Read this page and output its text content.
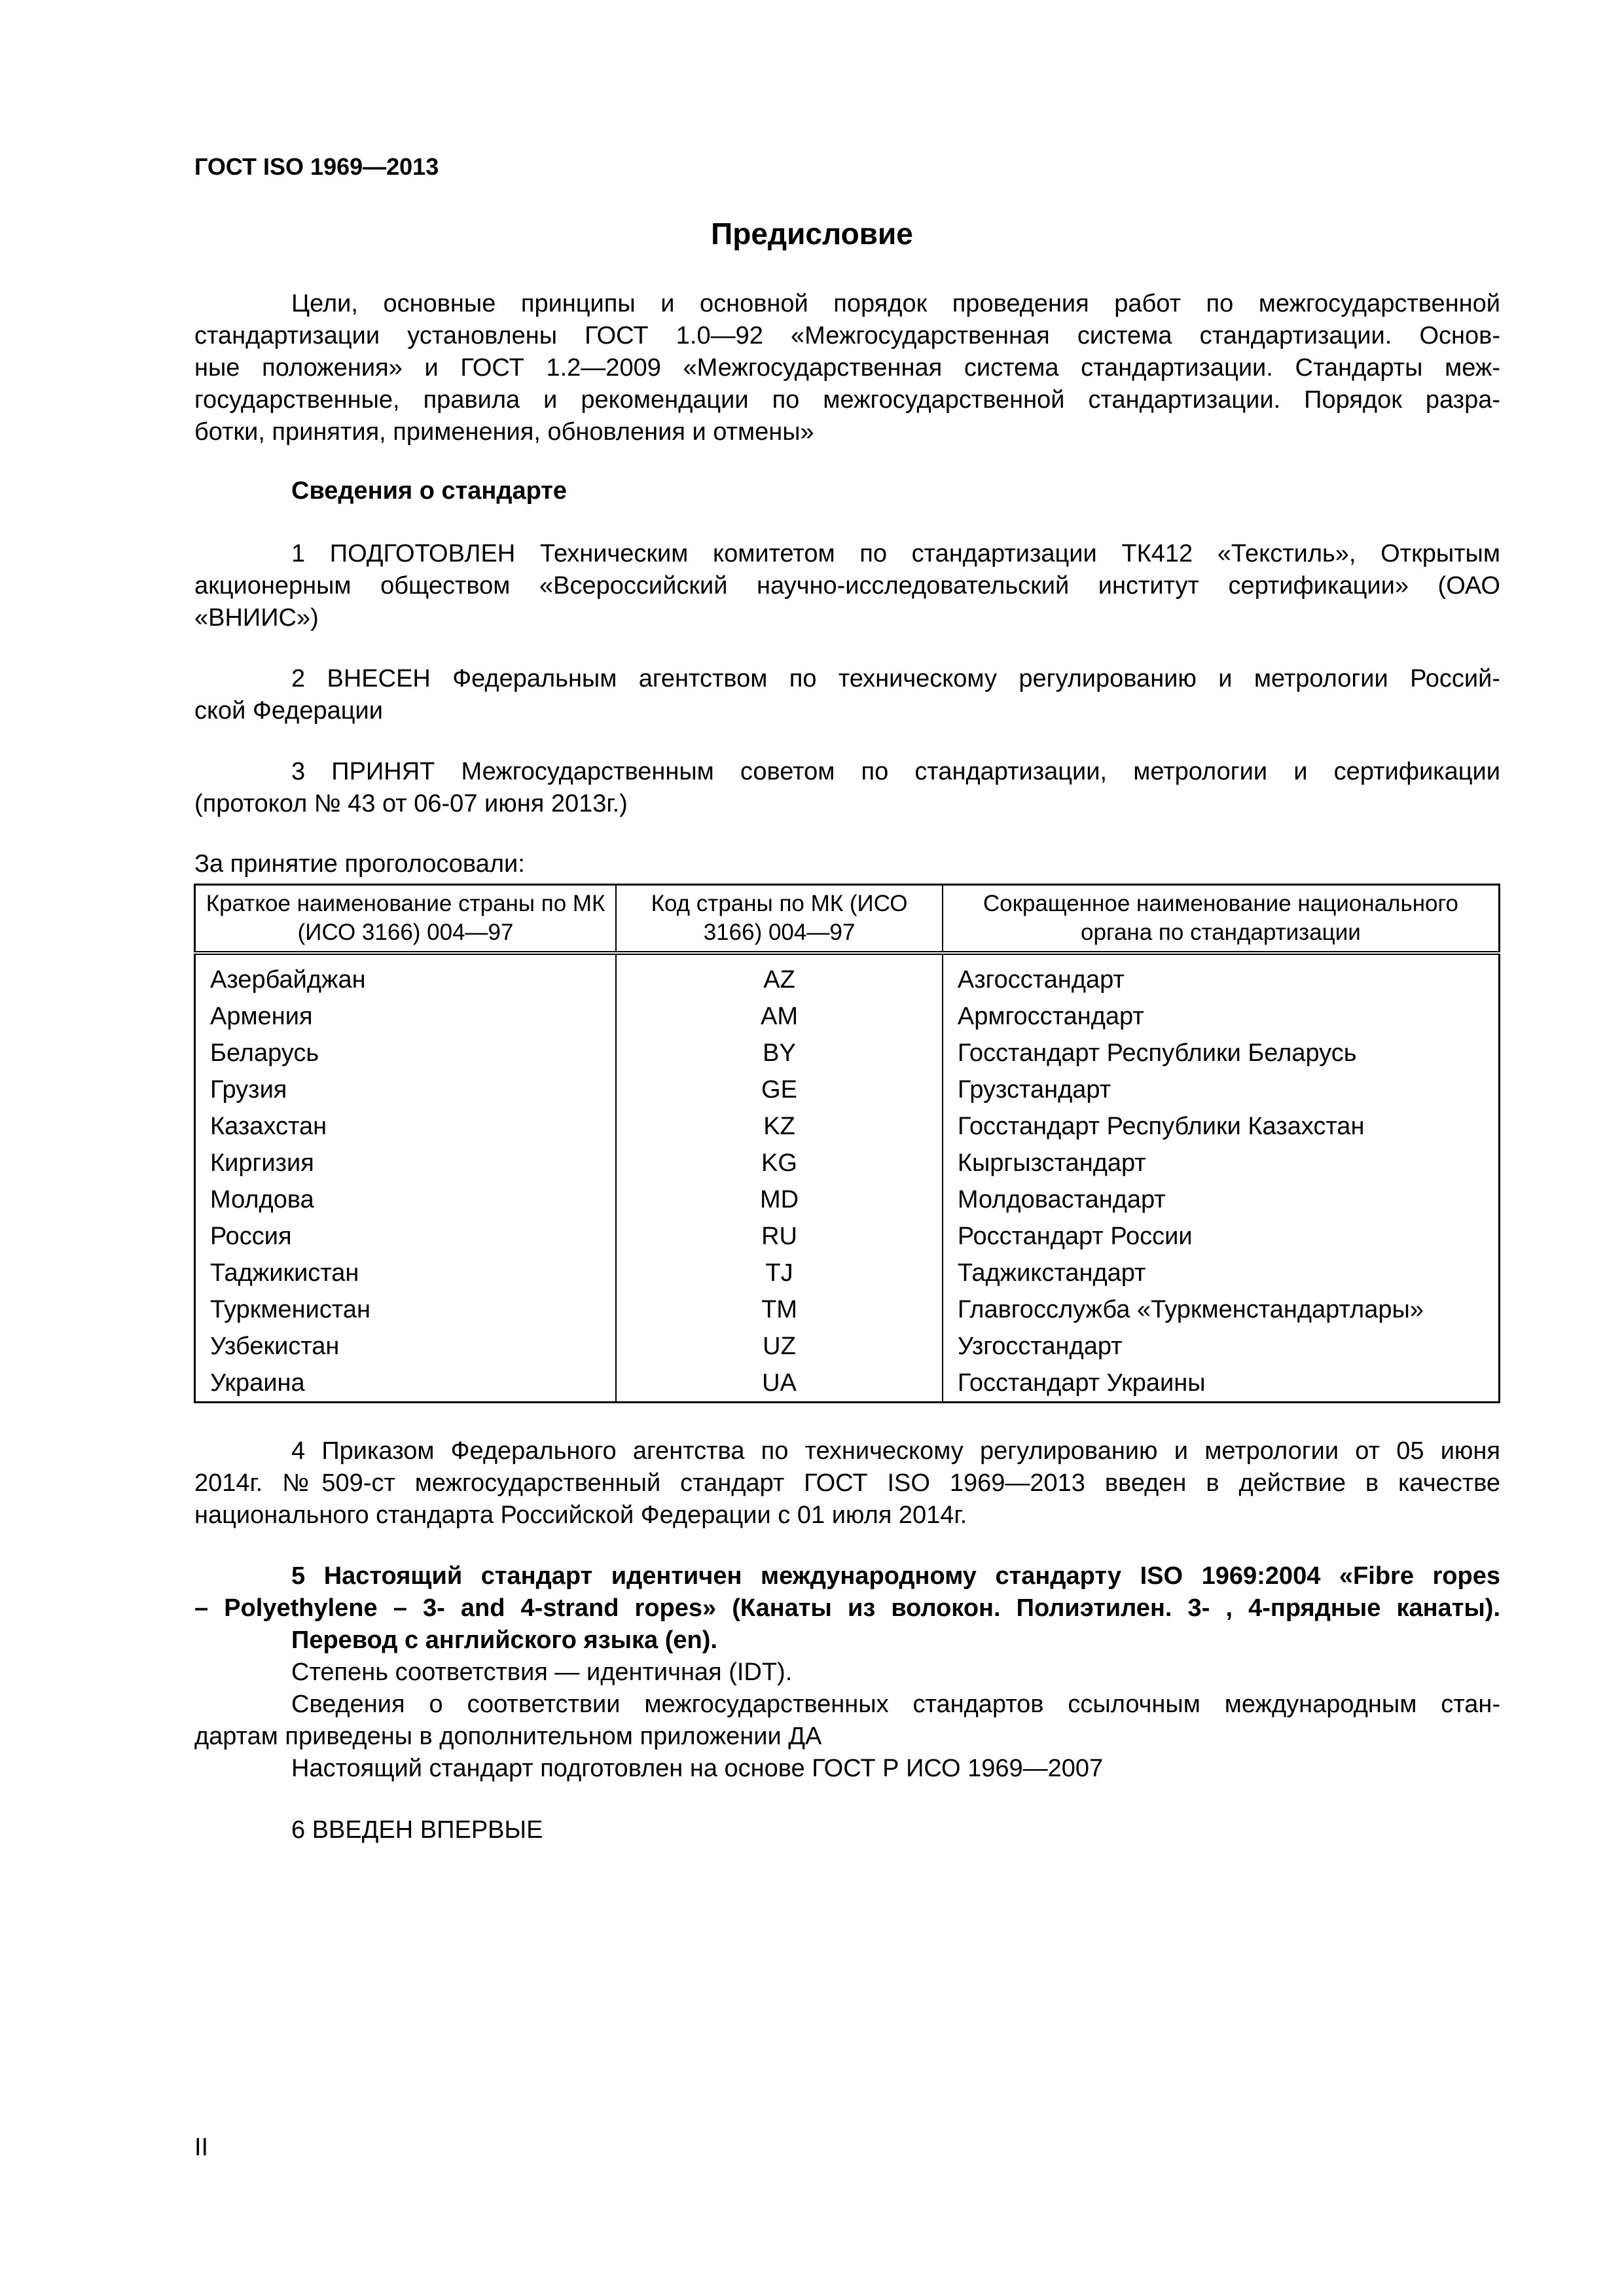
ГОСТ ISO 1969—2013
Предисловие
Цели, основные принципы и основной порядок проведения работ по межгосударственной
стандартизации установлены ГОСТ 1.0—92 «Межгосударственная система стандартизации. Основ-
ные положения» и ГОСТ 1.2—2009 «Межгосударственная система стандартизации. Стандарты меж-
государственные, правила и рекомендации по межгосударственной стандартизации. Порядок разра-
ботки, принятия, применения, обновления и отмены»
Сведения о стандарте
1 ПОДГОТОВЛЕН Техническим комитетом по стандартизации ТК412 «Текстиль», Открытым
акционерным обществом «Всероссийский научно-исследовательский институт сертификации» (ОАО
«ВНИИС»)
2 ВНЕСЕН Федеральным агентством по техническому регулированию и метрологии Россий-
ской Федерации
3 ПРИНЯТ Межгосударственным советом по стандартизации, метрологии и сертификации
(протокол № 43 от 06-07 июня 2013г.)
За принятие проголосовали:
Краткое наименование страны по МК (ИСО 3166) 004—97	Код страны по МК (ИСО 3166) 004—97	Сокращенное наименование национального органа по стандартизации
Азербайджан	AZ	Азгосстандарт
Армения	AM	Армгосстандарт
Беларусь	BY	Госстандарт Республики Беларусь
Грузия	GE	Грузстандарт
Казахстан	KZ	Госстандарт Республики Казахстан
Киргизия	KG	Кыргызстандарт
Молдова	MD	Молдовастандарт
Россия	RU	Росстандарт России
Таджикистан	TJ	Таджикстандарт
Туркменистан	TM	Главгосслужба «Туркменстандартлары»
Узбекистан	UZ	Узгосстандарт
Украина	UA	Госстандарт Украины
4 Приказом Федерального агентства по техническому регулированию и метрологии от 05 июня
2014г. №509-ст межгосударственный стандарт ГОСТ ISO 1969—2013 введен в действие в качестве
национального стандарта Российской Федерации с 01 июля 2014г.
5 Настоящий стандарт идентичен международному стандарту ISO 1969:2004 «Fibre ropes
– Polyethylene – 3- and 4-strand ropes» (Канаты из волокон. Полиэтилен. 3- , 4-прядные канаты).
Перевод с английского языка (en).
Степень соответствия — идентичная (IDT).
Сведения о соответствии межгосударственных стандартов ссылочным международным стан-
дартам приведены в дополнительном приложении ДА
Настоящий стандарт подготовлен на основе ГОСТ Р ИСО 1969—2007
6 ВВЕДЕН ВПЕРВЫЕ
II
